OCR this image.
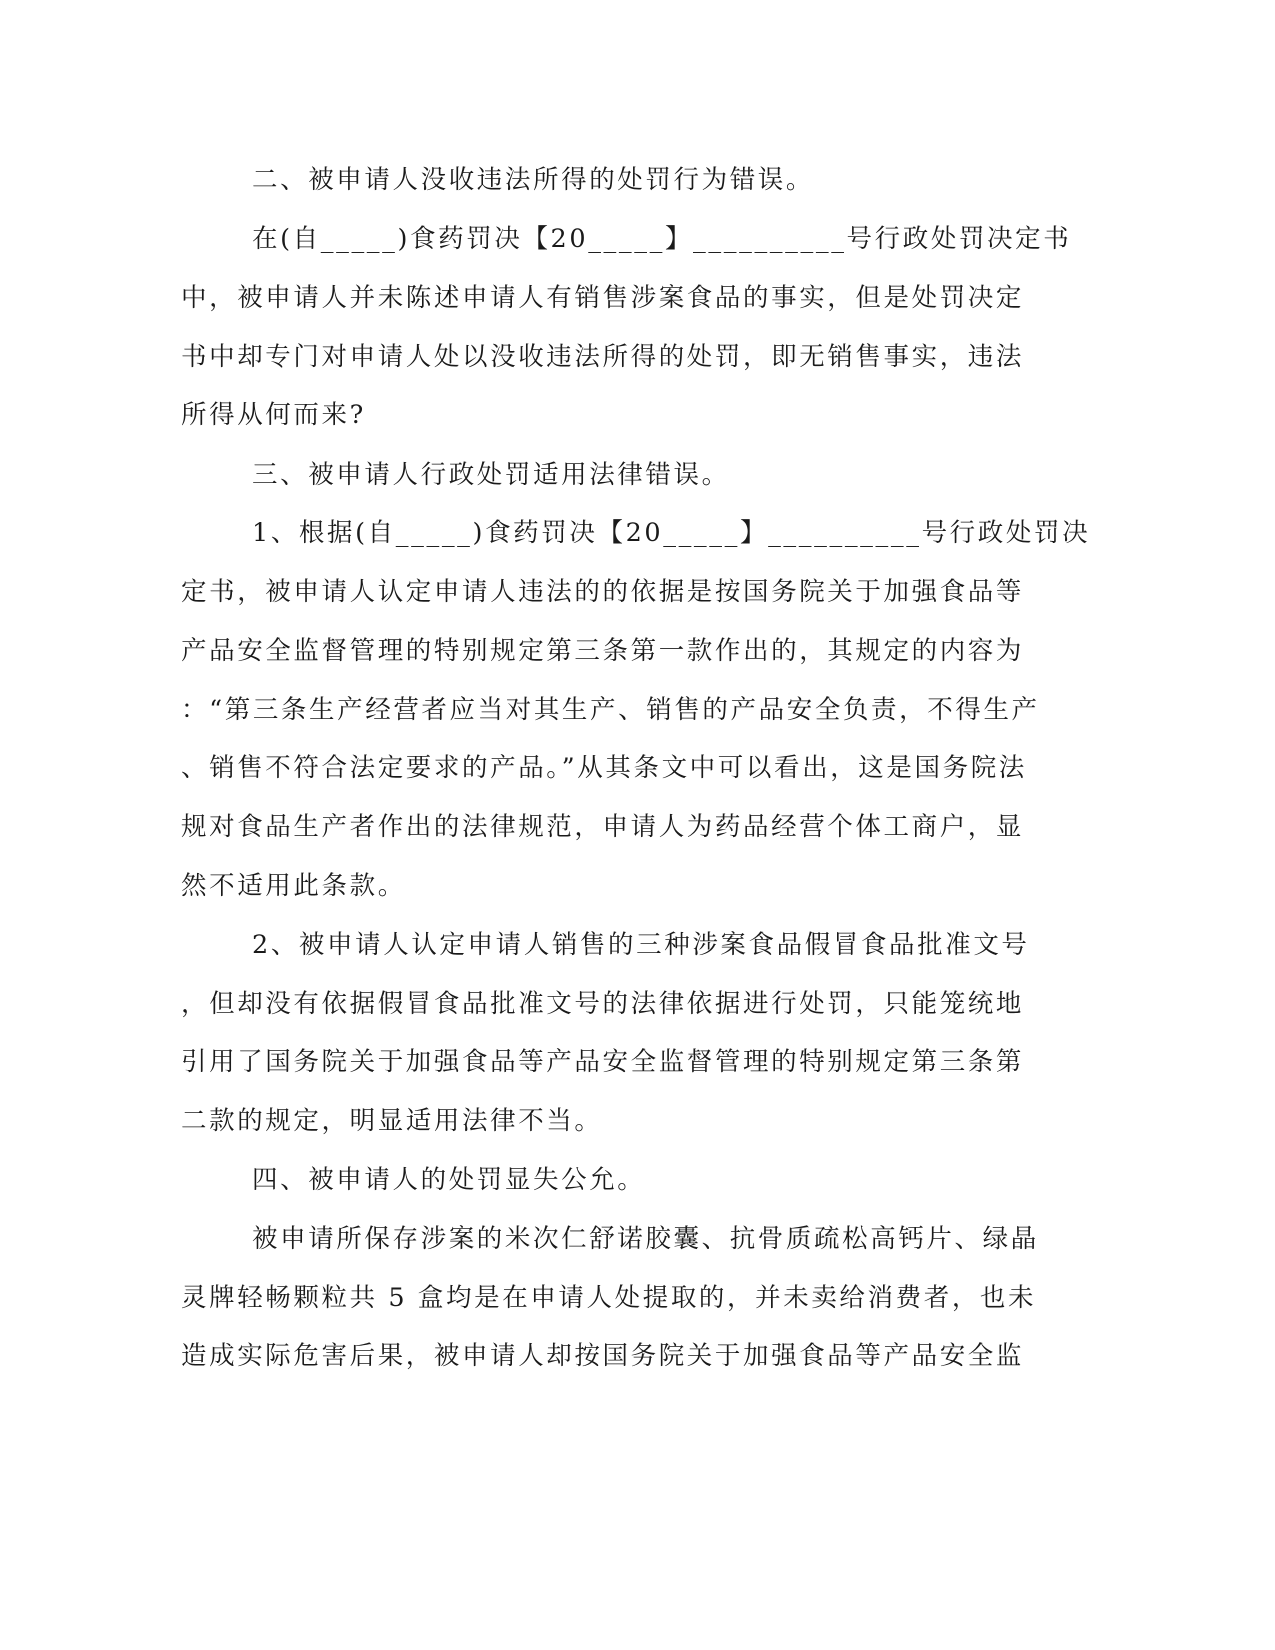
二、被申请人没收违法所得的处罚行为错误。
在(自_____)食药罚决【20_____】__________号行政处罚决定书
中，被申请人并未陈述申请人有销售涉案食品的事实，但是处罚决定
书中却专门对申请人处以没收违法所得的处罚，即无销售事实，违法
所得从何而来?
三、被申请人行政处罚适用法律错误。
1、根据(自_____)食药罚决【20_____】__________号行政处罚决
定书，被申请人认定申请人违法的的依据是按国务院关于加强食品等
产品安全监督管理的特别规定第三条第一款作出的，其规定的内容为
：“第三条生产经营者应当对其生产、销售的产品安全负责，不得生产
、销售不符合法定要求的产品。”从其条文中可以看出，这是国务院法
规对食品生产者作出的法律规范，申请人为药品经营个体工商户，显
然不适用此条款。
2、被申请人认定申请人销售的三种涉案食品假冒食品批准文号
，但却没有依据假冒食品批准文号的法律依据进行处罚，只能笼统地
引用了国务院关于加强食品等产品安全监督管理的特别规定第三条第
二款的规定，明显适用法律不当。
四、被申请人的处罚显失公允。
被申请所保存涉案的米次仁舒诺胶囊、抗骨质疏松高钙片、绿晶
灵牌轻畅颗粒共 5 盒均是在申请人处提取的，并未卖给消费者，也未
造成实际危害后果，被申请人却按国务院关于加强食品等产品安全监
